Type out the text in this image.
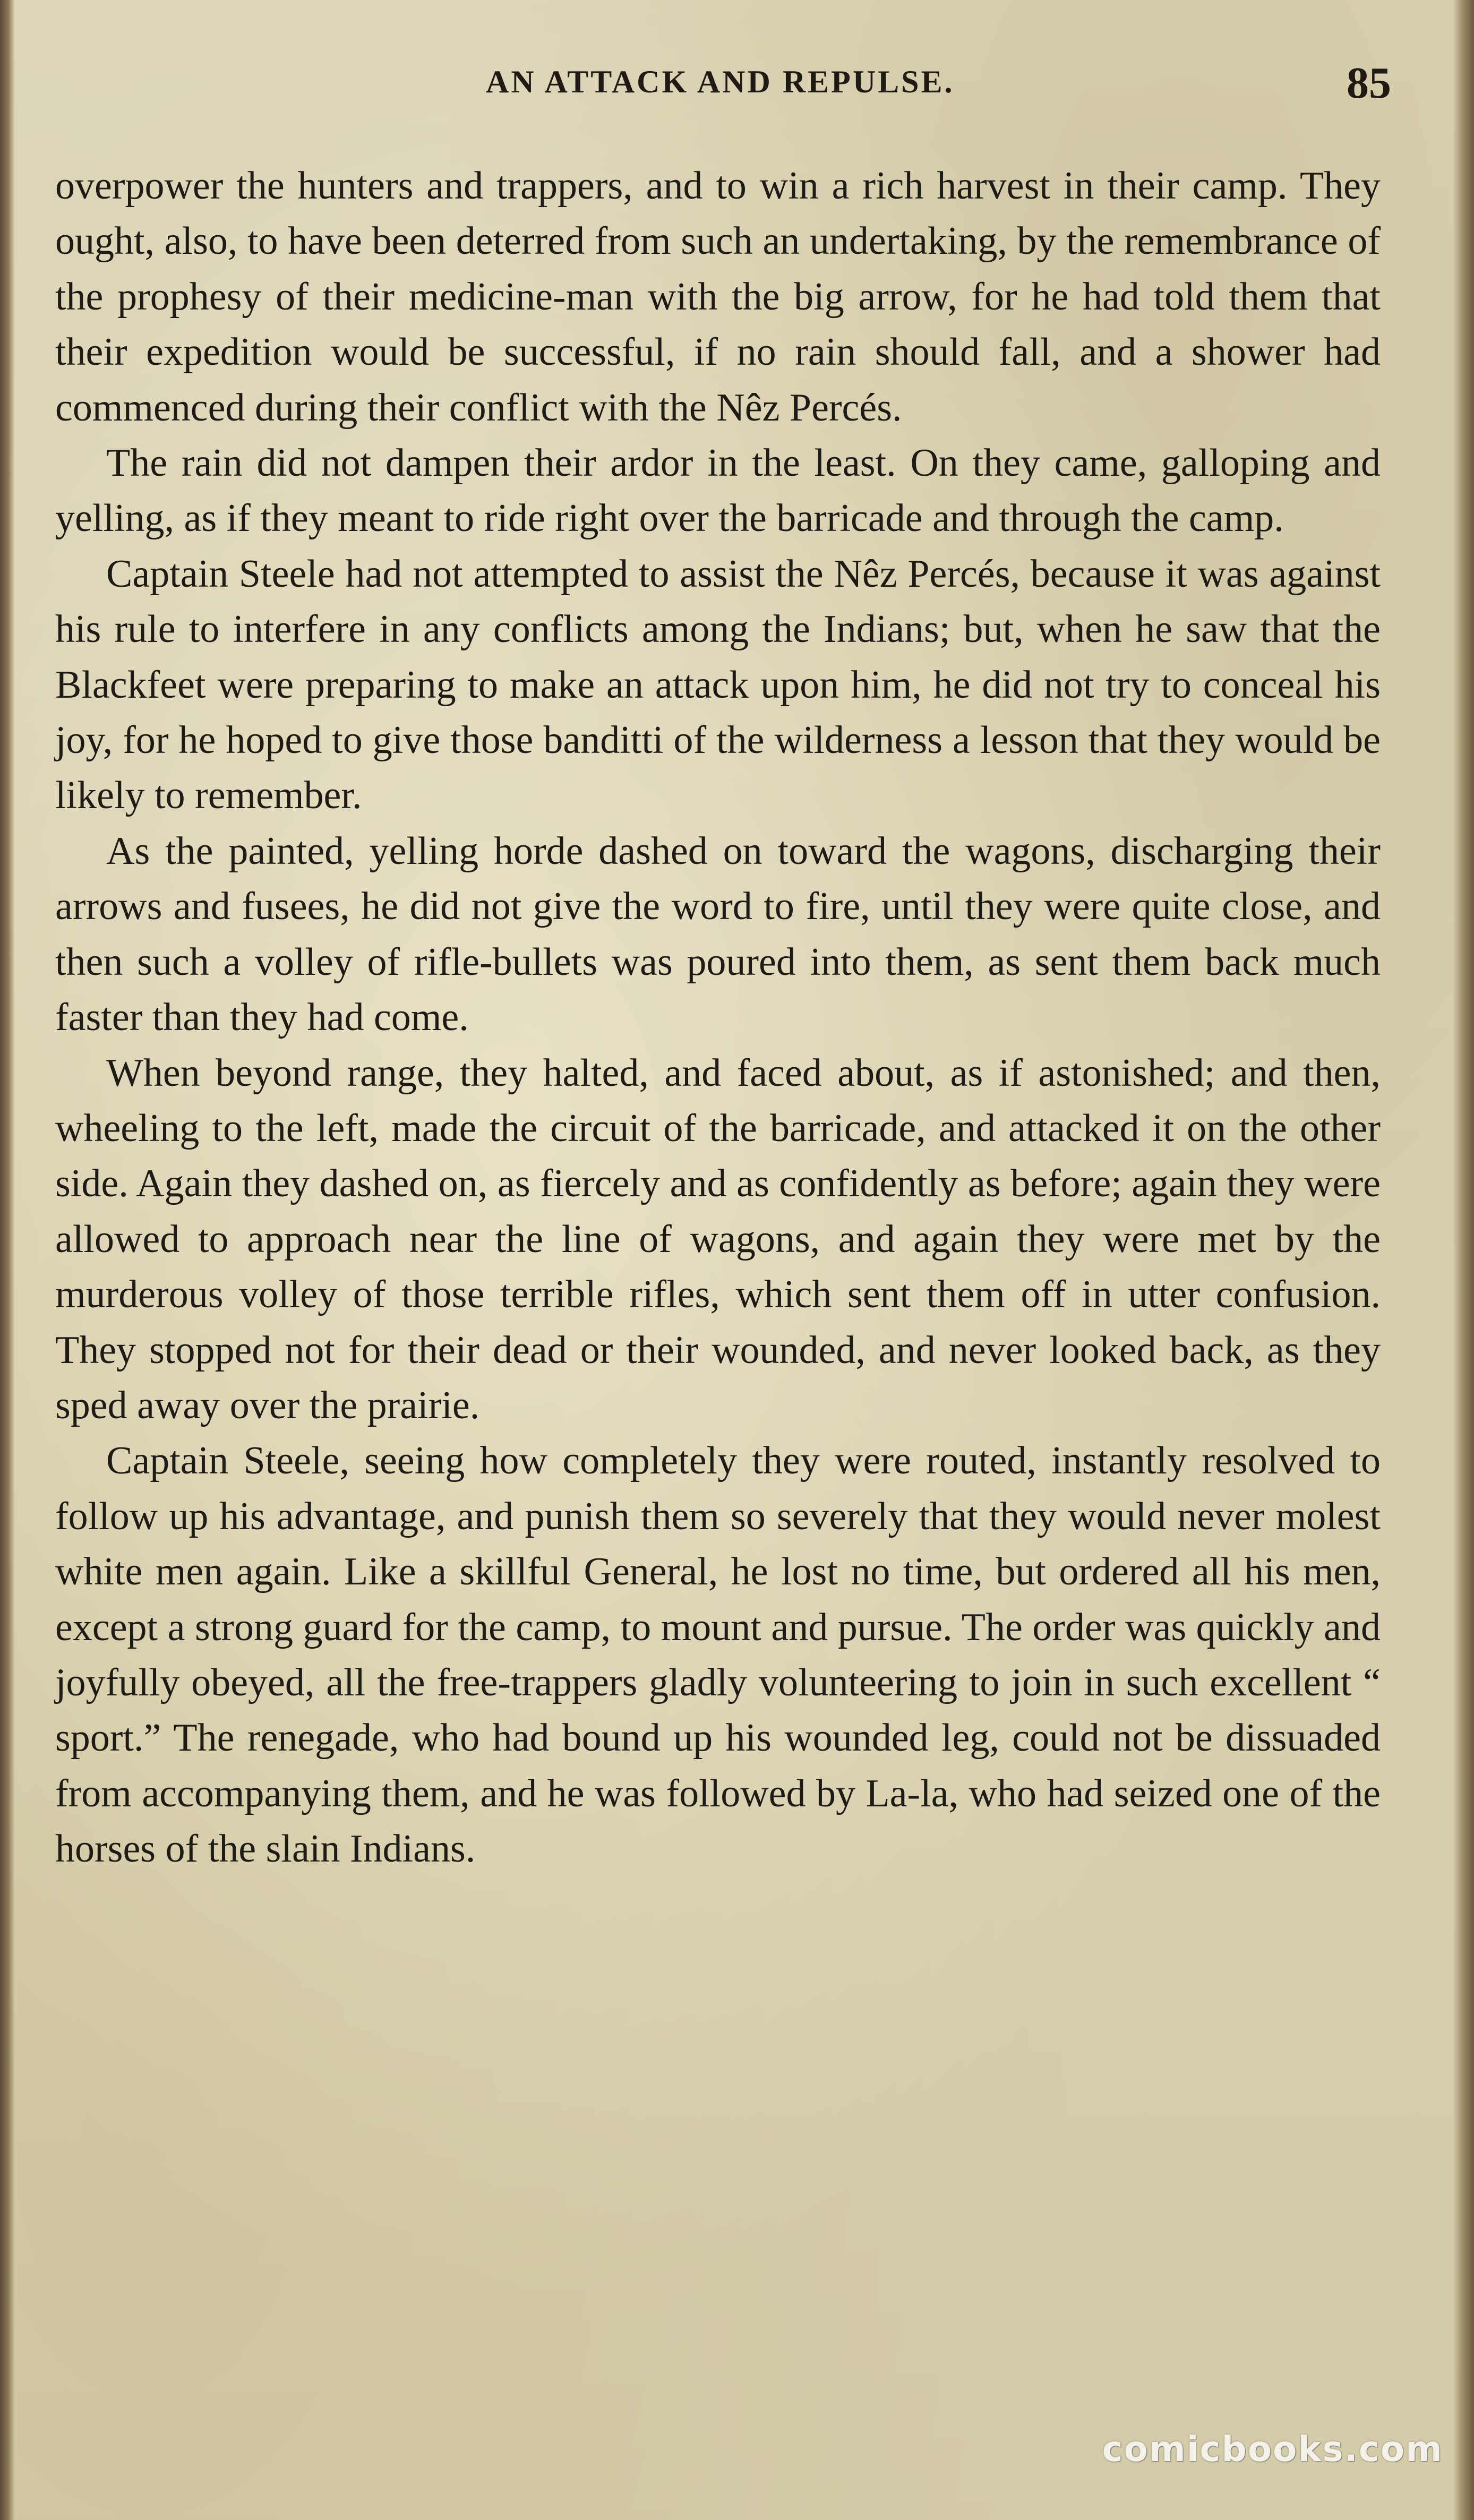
AN ATTACK AND REPULSE.	85

overpower the hunters and trappers, and to win a rich harvest in their camp. They ought, also, to have been deterred from such an undertaking, by the remembrance of the prophesy of their medicine-man with the big arrow, for he had told them that their expedition would be successful, if no rain should fall, and a shower had commenced during their conflict with the Nêz Percés.

The rain did not dampen their ardor in the least. On they came, galloping and yelling, as if they meant to ride right over the barricade and through the camp.

Captain Steele had not attempted to assist the Nêz Percés, because it was against his rule to interfere in any conflicts among the Indians; but, when he saw that the Blackfeet were preparing to make an attack upon him, he did not try to conceal his joy, for he hoped to give those banditti of the wilderness a lesson that they would be likely to remember.

As the painted, yelling horde dashed on toward the wagons, discharging their arrows and fusees, he did not give the word to fire, until they were quite close, and then such a volley of rifle-bullets was poured into them, as sent them back much faster than they had come.

When beyond range, they halted, and faced about, as if astonished; and then, wheeling to the left, made the circuit of the barricade, and attacked it on the other side. Again they dashed on, as fiercely and as confidently as before; again they were allowed to approach near the line of wagons, and again they were met by the murderous volley of those terrible rifles, which sent them off in utter confusion. They stopped not for their dead or their wounded, and never looked back, as they sped away over the prairie.

Captain Steele, seeing how completely they were routed, instantly resolved to follow up his advantage, and punish them so severely that they would never molest white men again. Like a skillful General, he lost no time, but ordered all his men, except a strong guard for the camp, to mount and pursue. The order was quickly and joyfully obeyed, all the free-trappers gladly volunteering to join in such excellent “ sport.” The renegade, who had bound up his wounded leg, could not be dissuaded from accompanying them, and he was followed by La-la, who had seized one of the horses of the slain Indians.

comicbooks.com
